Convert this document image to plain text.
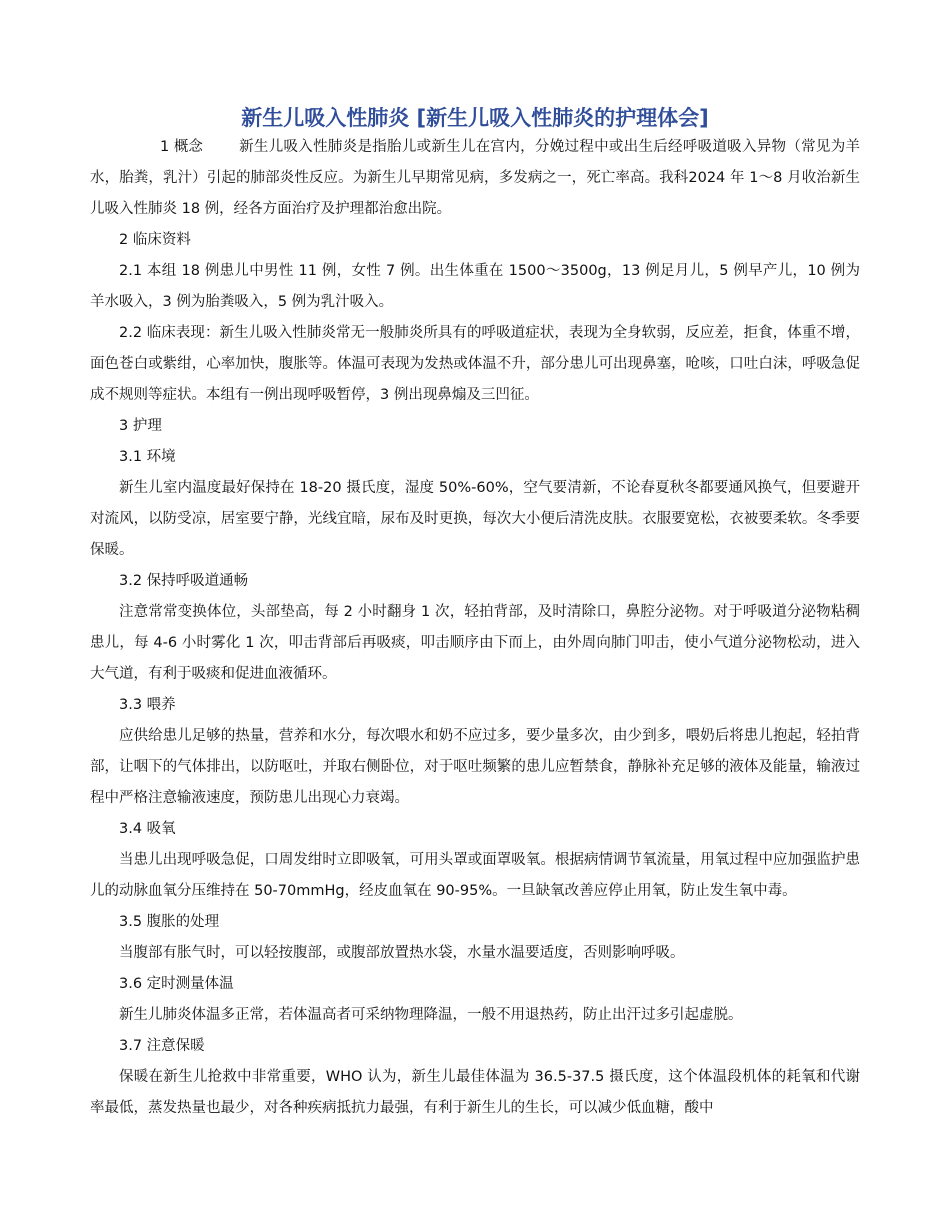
新生儿吸入性肺炎 [新生儿吸入性肺炎的护理体会]

1 概念 新生儿吸入性肺炎是指胎儿或新生儿在宫内，分娩过程中或出生后经呼吸道吸入异物（常见为羊水，胎粪，乳汁）引起的肺部炎性反应。为新生儿早期常见病，多发病之一，死亡率高。我科2024 年 1～8 月收治新生儿吸入性肺炎 18 例，经各方面治疗及护理都治愈出院。

2 临床资料

2.1 本组 18 例患儿中男性 11 例，女性 7 例。出生体重在 1500～3500g，13 例足月儿，5 例早产儿，10 例为羊水吸入，3 例为胎粪吸入，5 例为乳汁吸入。

2.2 临床表现：新生儿吸入性肺炎常无一般肺炎所具有的呼吸道症状，表现为全身软弱，反应差，拒食，体重不增，面色苍白或紫绀，心率加快，腹胀等。体温可表现为发热或体温不升，部分患儿可出现鼻塞，呛咳，口吐白沫，呼吸急促成不规则等症状。本组有一例出现呼吸暂停，3 例出现鼻煽及三凹征。

3 护理

3.1 环境

新生儿室内温度最好保持在 18-20 摄氏度，湿度 50%-60%，空气要清新，不论春夏秋冬都要通风换气，但要避开对流风，以防受凉，居室要宁静，光线宜暗，尿布及时更换，每次大小便后清洗皮肤。衣服要宽松，衣被要柔软。冬季要保暖。

3.2 保持呼吸道通畅

注意常常变换体位，头部垫高，每 2 小时翻身 1 次，轻拍背部，及时清除口，鼻腔分泌物。对于呼吸道分泌物粘稠患儿，每 4-6 小时雾化 1 次，叩击背部后再吸痰，叩击顺序由下而上，由外周向肺门叩击，使小气道分泌物松动，进入大气道，有利于吸痰和促进血液循环。

3.3 喂养

应供给患儿足够的热量，营养和水分，每次喂水和奶不应过多，要少量多次，由少到多，喂奶后将患儿抱起，轻拍背部，让咽下的气体排出，以防呕吐，并取右侧卧位，对于呕吐频繁的患儿应暂禁食，静脉补充足够的液体及能量，输液过程中严格注意输液速度，预防患儿出现心力衰竭。

3.4 吸氧

当患儿出现呼吸急促，口周发绀时立即吸氧，可用头罩或面罩吸氧。根据病情调节氧流量，用氧过程中应加强监护患儿的动脉血氧分压维持在 50-70mmHg，经皮血氧在 90-95%。一旦缺氧改善应停止用氧，防止发生氧中毒。

3.5 腹胀的处理

当腹部有胀气时，可以轻按腹部，或腹部放置热水袋，水量水温要适度，否则影响呼吸。

3.6 定时测量体温

新生儿肺炎体温多正常，若体温高者可采纳物理降温，一般不用退热药，防止出汗过多引起虚脱。

3.7 注意保暖

保暖在新生儿抢救中非常重要，WHO 认为，新生儿最佳体温为 36.5-37.5 摄氏度，这个体温段机体的耗氧和代谢率最低，蒸发热量也最少，对各种疾病抵抗力最强，有利于新生儿的生长，可以减少低血糖，酸中
